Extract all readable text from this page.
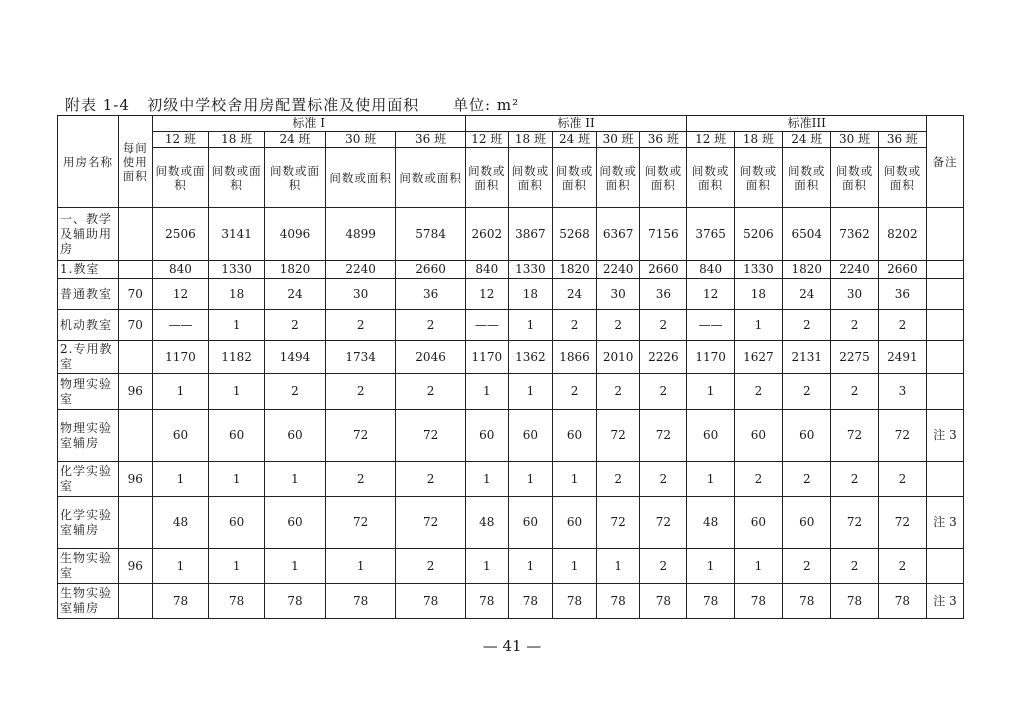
附表 1-4 初级中学校舍用房配置标准及使用面积 单位: m²
用房名称	每间使用面积	标准 I					标准 II					标准III					备注
		12 班	18 班	24 班	30 班	36 班	12 班	18 班	24 班	30 班	36 班	12 班	18 班	24 班	30 班	36 班	
		间数或面积	间数或面积	间数或面积	间数或面积	间数或面积	间数或面积	间数或面积	间数或面积	间数或面积	间数或面积	间数或面积	间数或面积	间数或面积	间数或面积	间数或面积	
一、教学及辅助用房		2506	3141	4096	4899	5784	2602	3867	5268	6367	7156	3765	5206	6504	7362	8202	
1.教室		840	1330	1820	2240	2660	840	1330	1820	2240	2660	840	1330	1820	2240	2660	
普通教室	70	12	18	24	30	36	12	18	24	30	36	12	18	24	30	36	
机动教室	70	——	1	2	2	2	——	1	2	2	2	——	1	2	2	2	
2.专用教室		1170	1182	1494	1734	2046	1170	1362	1866	2010	2226	1170	1627	2131	2275	2491	
物理实验室	96	1	1	2	2	2	1	1	2	2	2	1	2	2	2	3	
物理实验室辅房		60	60	60	72	72	60	60	60	72	72	60	60	60	72	72	注 3
化学实验室	96	1	1	1	2	2	1	1	1	2	2	1	2	2	2	2	
化学实验室辅房		48	60	60	72	72	48	60	60	72	72	48	60	60	72	72	注 3
生物实验室	96	1	1	1	1	2	1	1	1	1	2	1	1	2	2	2	
生物实验室辅房		78	78	78	78	78	78	78	78	78	78	78	78	78	78	78	注 3
— 41 —
